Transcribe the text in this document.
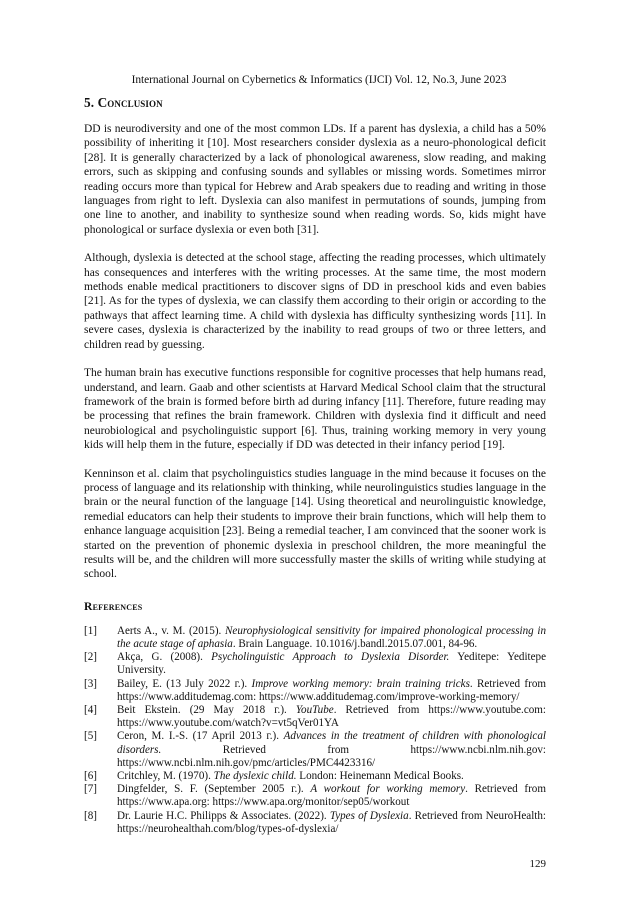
International Journal on Cybernetics & Informatics (IJCI) Vol. 12, No.3, June 2023
5. Conclusion

DD is neurodiversity and one of the most common LDs. If a parent has dyslexia, a child has a 50% possibility of inheriting it [10]. Most researchers consider dyslexia as a neuro-phonological deficit [28]. It is generally characterized by a lack of phonological awareness, slow reading, and making errors, such as skipping and confusing sounds and syllables or missing words. Sometimes mirror reading occurs more than typical for Hebrew and Arab speakers due to reading and writing in those languages from right to left. Dyslexia can also manifest in permutations of sounds, jumping from one line to another, and inability to synthesize sound when reading words. So, kids might have phonological or surface dyslexia or even both [31].

Although, dyslexia is detected at the school stage, affecting the reading processes, which ultimately has consequences and interferes with the writing processes. At the same time, the most modern methods enable medical practitioners to discover signs of DD in preschool kids and even babies [21]. As for the types of dyslexia, we can classify them according to their origin or according to the pathways that affect learning time. A child with dyslexia has difficulty synthesizing words [11]. In severe cases, dyslexia is characterized by the inability to read groups of two or three letters, and children read by guessing.

The human brain has executive functions responsible for cognitive processes that help humans read, understand, and learn. Gaab and other scientists at Harvard Medical School claim that the structural framework of the brain is formed before birth ad during infancy [11]. Therefore, future reading may be processing that refines the brain framework. Children with dyslexia find it difficult and need neurobiological and psycholinguistic support [6]. Thus, training working memory in very young kids will help them in the future, especially if DD was detected in their infancy period [19].

Kenninson et al. claim that psycholinguistics studies language in the mind because it focuses on the process of language and its relationship with thinking, while neurolinguistics studies language in the brain or the neural function of the language [14]. Using theoretical and neurolinguistic knowledge, remedial educators can help their students to improve their brain functions, which will help them to enhance language acquisition [23]. Being a remedial teacher, I am convinced that the sooner work is started on the prevention of phonemic dyslexia in preschool children, the more meaningful the results will be, and the children will more successfully master the skills of writing while studying at school.

References
[1]	Aerts A., v. M. (2015). Neurophysiological sensitivity for impaired phonological processing in the acute stage of aphasia. Brain Language. 10.1016/j.bandl.2015.07.001, 84-96.
[2]	Akça, G. (2008). Psycholinguistic Approach to Dyslexia Disorder. Yeditepe: Yeditepe University.
[3]	Bailey, E. (13 July 2022 г.). Improve working memory: brain training tricks. Retrieved from https://www.additudemag.com: https://www.additudemag.com/improve-working-memory/
[4]	Beit Ekstein. (29 May 2018 г.). YouTube. Retrieved from https://www.youtube.com: https://www.youtube.com/watch?v=vt5qVer01YA
[5]	Ceron, M. I.-S. (17 April 2013 г.). Advances in the treatment of children with phonological disorders. Retrieved from https://www.ncbi.nlm.nih.gov: https://www.ncbi.nlm.nih.gov/pmc/articles/PMC4423316/
[6]	Critchley, M. (1970). The dyslexic child. London: Heinemann Medical Books.
[7]	Dingfelder, S. F. (September 2005 г.). A workout for working memory. Retrieved from https://www.apa.org: https://www.apa.org/monitor/sep05/workout
[8]	Dr. Laurie H.C. Philipps & Associates. (2022). Types of Dyslexia. Retrieved from NeuroHealth: https://neurohealthah.com/blog/types-of-dyslexia/
129
